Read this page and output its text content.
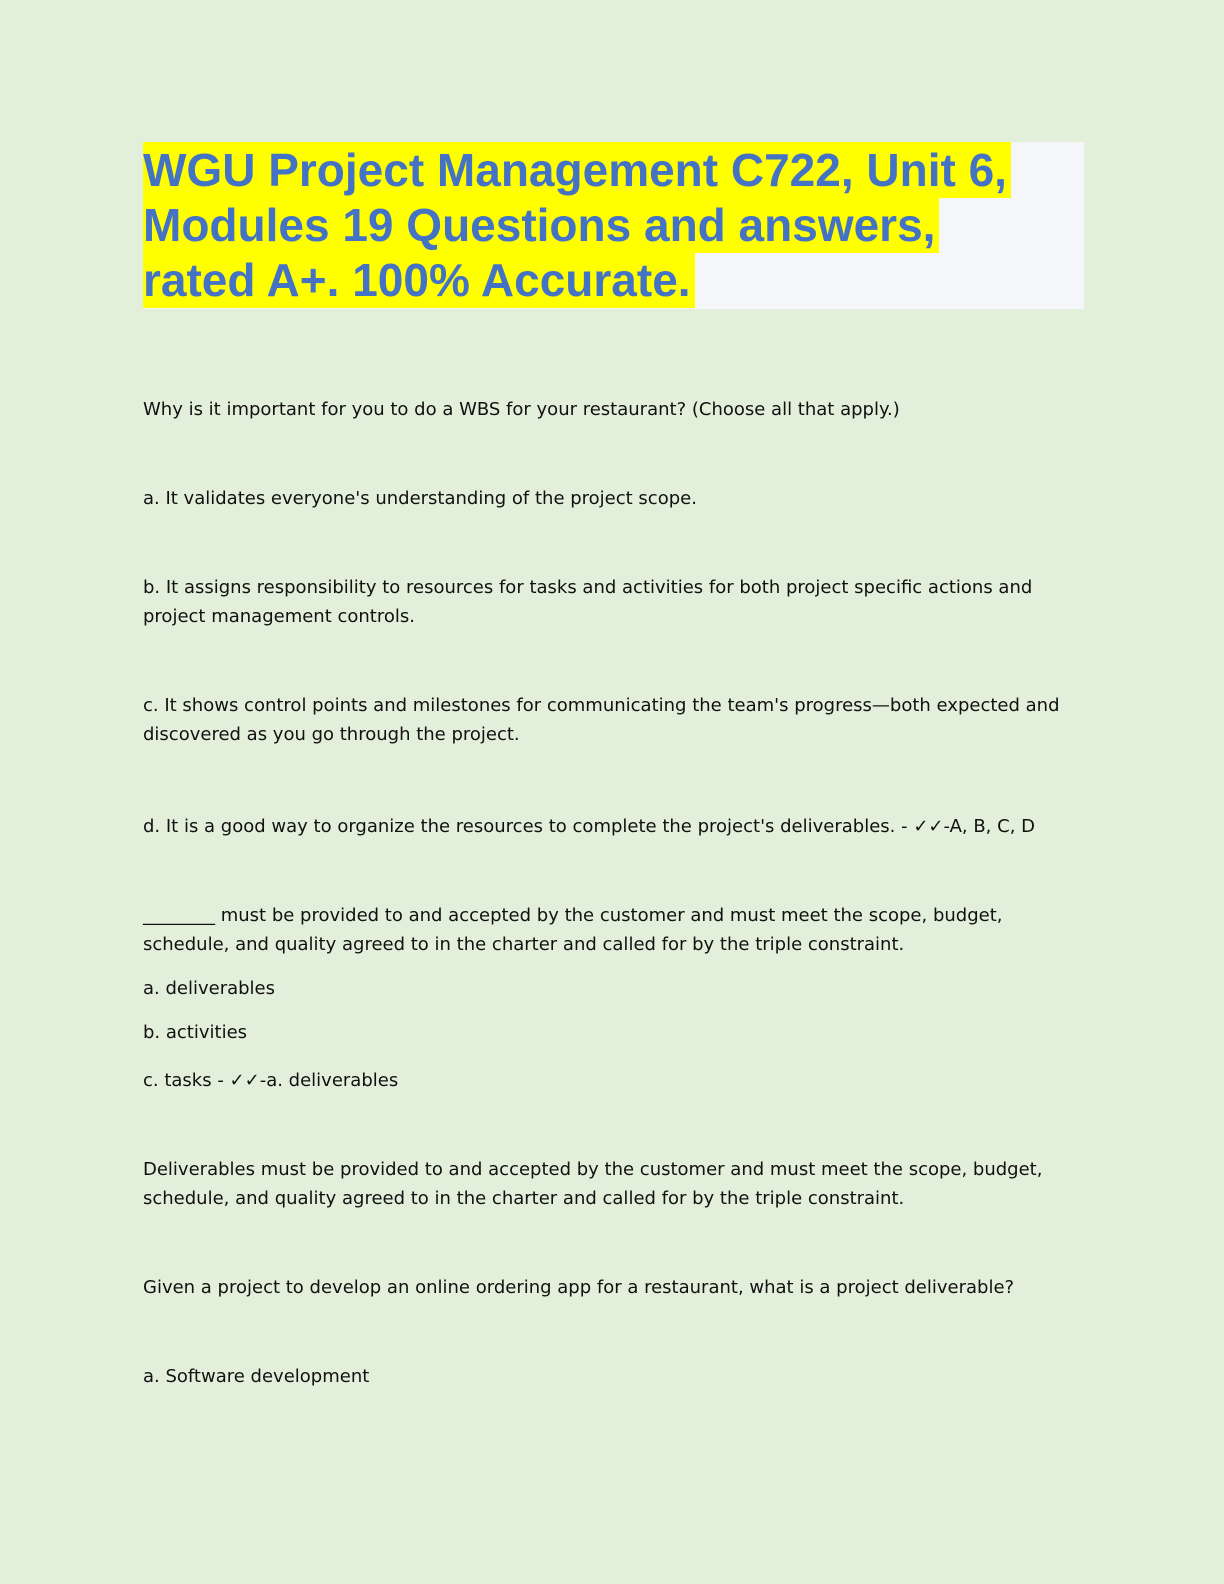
WGU Project Management C722, Unit 6,
Modules 19 Questions and answers,
rated A+. 100% Accurate.
Why is it important for you to do a WBS for your restaurant? (Choose all that apply.)
a. It validates everyone's understanding of the project scope.
b. It assigns responsibility to resources for tasks and activities for both project specific actions and
project management controls.
c. It shows control points and milestones for communicating the team's progress—both expected and
discovered as you go through the project.
d. It is a good way to organize the resources to complete the project's deliverables. - ✓✓-A, B, C, D
________ must be provided to and accepted by the customer and must meet the scope, budget,
schedule, and quality agreed to in the charter and called for by the triple constraint.
a. deliverables
b. activities
c. tasks - ✓✓-a. deliverables
Deliverables must be provided to and accepted by the customer and must meet the scope, budget,
schedule, and quality agreed to in the charter and called for by the triple constraint.
Given a project to develop an online ordering app for a restaurant, what is a project deliverable?
a. Software development
